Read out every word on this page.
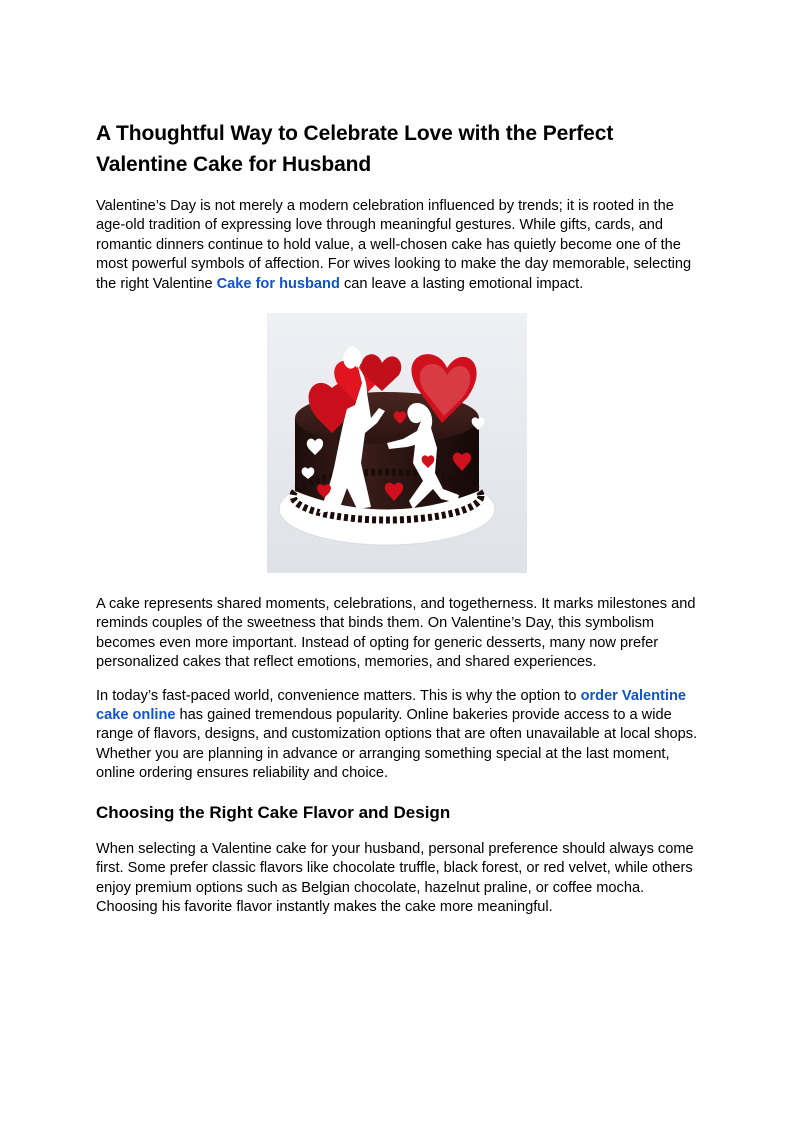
A Thoughtful Way to Celebrate Love with the Perfect
Valentine Cake for Husband

Valentine’s Day is not merely a modern celebration influenced by trends; it is rooted in the age-old tradition of expressing love through meaningful gestures. While gifts, cards, and romantic dinners continue to hold value, a well-chosen cake has quietly become one of the most powerful symbols of affection. For wives looking to make the day memorable, selecting the right Valentine Cake for husband can leave a lasting emotional impact.

A cake represents shared moments, celebrations, and togetherness. It marks milestones and reminds couples of the sweetness that binds them. On Valentine’s Day, this symbolism becomes even more important. Instead of opting for generic desserts, many now prefer personalized cakes that reflect emotions, memories, and shared experiences.

In today’s fast-paced world, convenience matters. This is why the option to order Valentine cake online has gained tremendous popularity. Online bakeries provide access to a wide range of flavors, designs, and customization options that are often unavailable at local shops. Whether you are planning in advance or arranging something special at the last moment, online ordering ensures reliability and choice.

Choosing the Right Cake Flavor and Design

When selecting a Valentine cake for your husband, personal preference should always come first. Some prefer classic flavors like chocolate truffle, black forest, or red velvet, while others enjoy premium options such as Belgian chocolate, hazelnut praline, or coffee mocha. Choosing his favorite flavor instantly makes the cake more meaningful.
